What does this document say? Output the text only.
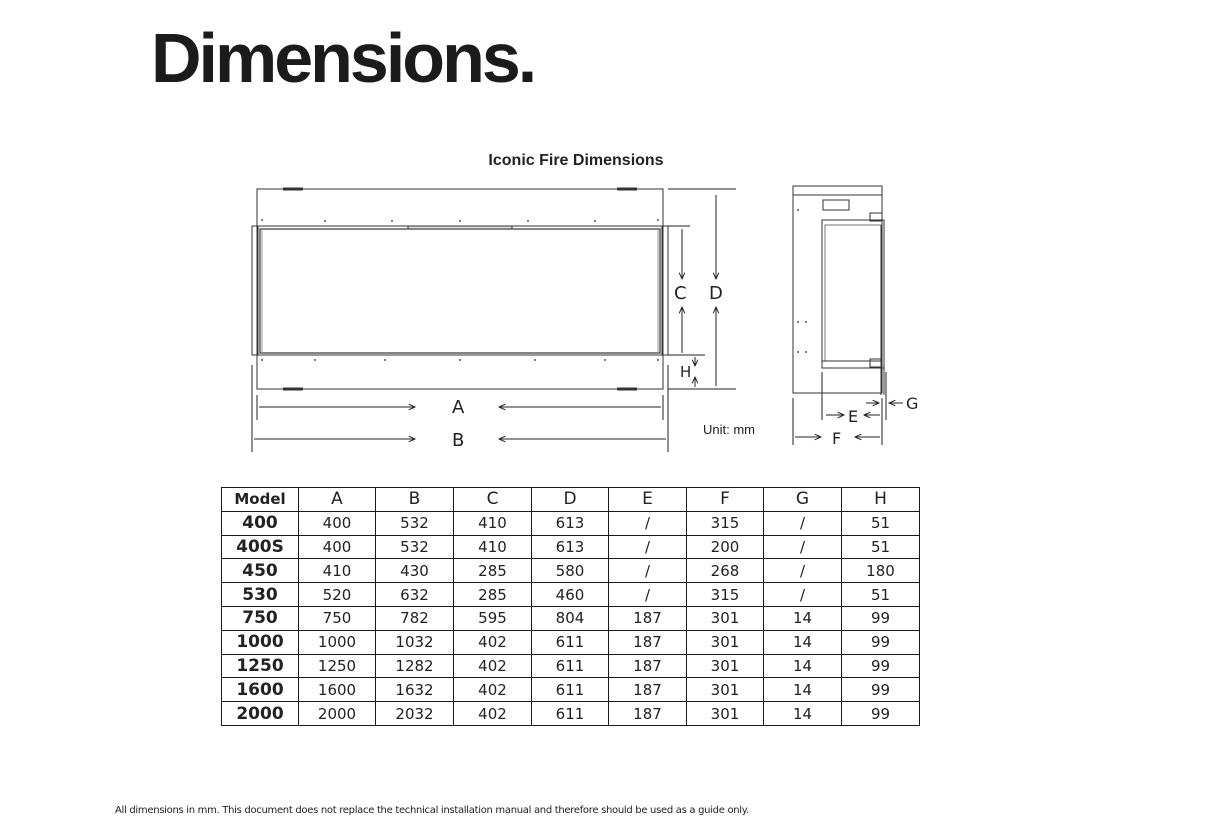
Dimensions.
Iconic Fire Dimensions
A
B
C D
H
E
F
G
Unit: mm
Model	A	B	C	D	E	F	G	H
400	400	532	410	613	/	315	/	51
400S	400	532	410	613	/	200	/	51
450	410	430	285	580	/	268	/	180
530	520	632	285	460	/	315	/	51
750	750	782	595	804	187	301	14	99
1000	1000	1032	402	611	187	301	14	99
1250	1250	1282	402	611	187	301	14	99
1600	1600	1632	402	611	187	301	14	99
2000	2000	2032	402	611	187	301	14	99
All dimensions in mm. This document does not replace the technical installation manual and therefore should be used as a guide only.
